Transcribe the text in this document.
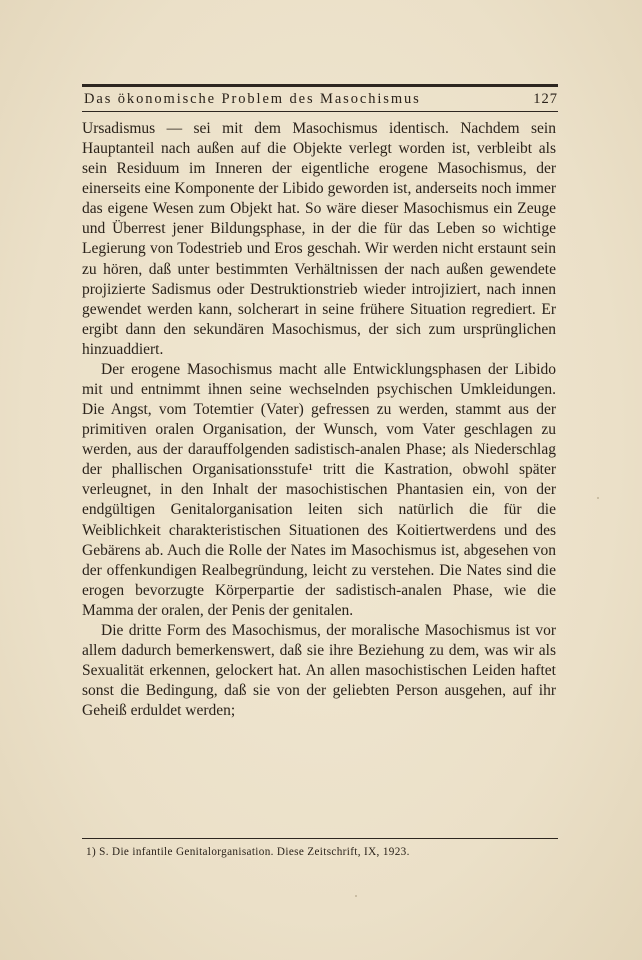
Das ökonomische Problem des Masochismus	127

Ursadismus — sei mit dem Masochismus identisch. Nachdem sein Hauptanteil nach außen auf die Objekte verlegt worden ist, verbleibt als sein Residuum im Inneren der eigentliche erogene Masochismus, der einerseits eine Komponente der Libido geworden ist, anderseits noch immer das eigene Wesen zum Objekt hat. So wäre dieser Masochismus ein Zeuge und Überrest jener Bildungsphase, in der die für das Leben so wichtige Legierung von Todestrieb und Eros geschah. Wir werden nicht erstaunt sein zu hören, daß unter bestimmten Verhältnissen der nach außen gewendete projizierte Sadismus oder Destruktionstrieb wieder introjiziert, nach innen gewendet werden kann, solcherart in seine frühere Situation regrediert. Er ergibt dann den sekundären Masochismus, der sich zum ursprünglichen hinzuaddiert.

Der erogene Masochismus macht alle Entwicklungsphasen der Libido mit und entnimmt ihnen seine wechselnden psychischen Umkleidungen. Die Angst, vom Totemtier (Vater) gefressen zu werden, stammt aus der primitiven oralen Organisation, der Wunsch, vom Vater geschlagen zu werden, aus der darauffolgenden sadistisch-analen Phase; als Niederschlag der phallischen Organisationsstufe¹ tritt die Kastration, obwohl später verleugnet, in den Inhalt der masochistischen Phantasien ein, von der endgültigen Genitalorganisation leiten sich natürlich die für die Weiblichkeit charakteristischen Situationen des Koitiertwerdens und des Gebärens ab. Auch die Rolle der Nates im Masochismus ist, abgesehen von der offenkundigen Realbegründung, leicht zu verstehen. Die Nates sind die erogen bevorzugte Körperpartie der sadistisch-analen Phase, wie die Mamma der oralen, der Penis der genitalen.

Die dritte Form des Masochismus, der moralische Masochismus ist vor allem dadurch bemerkenswert, daß sie ihre Beziehung zu dem, was wir als Sexualität erkennen, gelockert hat. An allen masochistischen Leiden haftet sonst die Bedingung, daß sie von der geliebten Person ausgehen, auf ihr Geheiß erduldet werden;

1) S. Die infantile Genitalorganisation. Diese Zeitschrift, IX, 1923.
